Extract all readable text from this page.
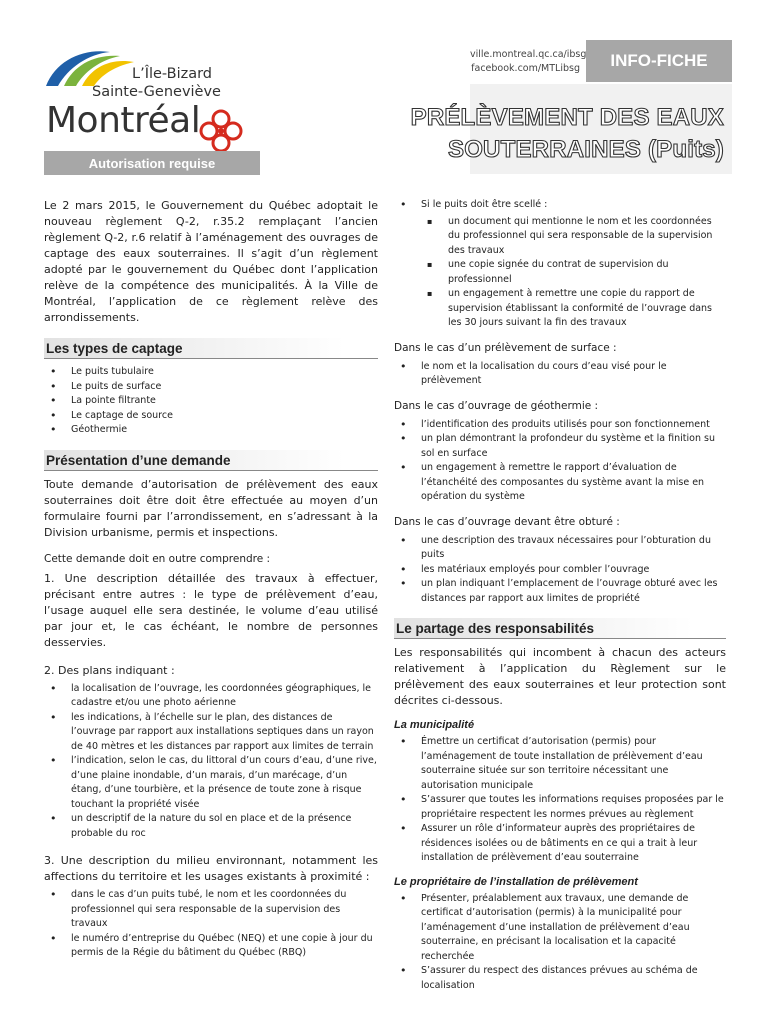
L’Île-Bizard
Sainte-Geneviève
Montréal
ville.montreal.qc.ca/ibsg
facebook.com/MTLibsg	INFO-FICHE
PRÉLÈVEMENT DES EAUX
SOUTERRAINES (Puits)
Autorisation requise

Le 2 mars 2015, le Gouvernement du Québec adoptait le nouveau règlement Q-2, r.35.2 remplaçant l’ancien règlement Q-2, r.6 relatif à l’aménagement des ouvrages de captage des eaux souterraines. Il s’agit d’un règlement adopté par le gouvernement du Québec dont l’application relève de la compétence des municipalités. À la Ville de Montréal, l’application de ce règlement relève des arrondissements.

Les types de captage
• Le puits tubulaire
• Le puits de surface
• La pointe filtrante
• Le captage de source
• Géothermie
Présentation d’une demande

Toute demande d’autorisation de prélèvement des eaux souterraines doit être doit être effectuée au moyen d’un formulaire fourni par l’arrondissement, en s’adressant à la Division urbanisme, permis et inspections.

Cette demande doit en outre comprendre :

1. Une description détaillée des travaux à effectuer, précisant entre autres : le type de prélèvement d’eau, l’usage auquel elle sera destinée, le volume d’eau utilisé par jour et, le cas échéant, le nombre de personnes desservies.

2. Des plans indiquant :

• la localisation de l’ouvrage, les coordonnées géographiques, le cadastre et/ou une photo aérienne
• les indications, à l’échelle sur le plan, des distances de l’ouvrage par rapport aux installations septiques dans un rayon de 40 mètres et les distances par rapport aux limites de terrain
• l’indication, selon le cas, du littoral d’un cours d’eau, d’une rive, d’une plaine inondable, d’un marais, d’un marécage, d’un étang, d’une tourbière, et la présence de toute zone à risque touchant la propriété visée
• un descriptif de la nature du sol en place et de la présence probable du roc

3. Une description du milieu environnant, notamment les affections du territoire et les usages existants à proximité :

• dans le cas d’un puits tubé, le nom et les coordonnées du professionnel qui sera responsable de la supervision des travaux
• le numéro d’entreprise du Québec (NEQ) et une copie à jour du permis de la Régie du bâtiment du Québec (RBQ)
• Si le puits doit être scellé :
▪ un document qui mentionne le nom et les coordonnées du professionnel qui sera responsable de la supervision des travaux
▪ une copie signée du contrat de supervision du professionnel
▪ un engagement à remettre une copie du rapport de supervision établissant la conformité de l’ouvrage dans les 30 jours suivant la fin des travaux

Dans le cas d’un prélèvement de surface :

• le nom et la localisation du cours d’eau visé pour le prélèvement

Dans le cas d’ouvrage de géothermie :

• l’identification des produits utilisés pour son fonctionnement
• un plan démontrant la profondeur du système et la finition su sol en surface
• un engagement à remettre le rapport d’évaluation de l’étanchéité des composantes du système avant la mise en opération du système

Dans le cas d’ouvrage devant être obturé :

• une description des travaux nécessaires pour l’obturation du puits
• les matériaux employés pour combler l’ouvrage
• un plan indiquant l’emplacement de l’ouvrage obturé avec les distances par rapport aux limites de propriété
Le partage des responsabilités

Les responsabilités qui incombent à chacun des acteurs relativement à l’application du Règlement sur le prélèvement des eaux souterraines et leur protection sont décrites ci-dessous.

La municipalité
• Émettre un certificat d’autorisation (permis) pour l’aménagement de toute installation de prélèvement d’eau souterraine située sur son territoire nécessitant une autorisation municipale
• S’assurer que toutes les informations requises proposées par le propriétaire respectent les normes prévues au règlement
• Assurer un rôle d’informateur auprès des propriétaires de résidences isolées ou de bâtiments en ce qui a trait à leur installation de prélèvement d’eau souterraine
Le propriétaire de l’installation de prélèvement
• Présenter, préalablement aux travaux, une demande de certificat d’autorisation (permis) à la municipalité pour l’aménagement d’une installation de prélèvement d’eau souterraine, en précisant la localisation et la capacité recherchée
• S’assurer du respect des distances prévues au schéma de localisation
